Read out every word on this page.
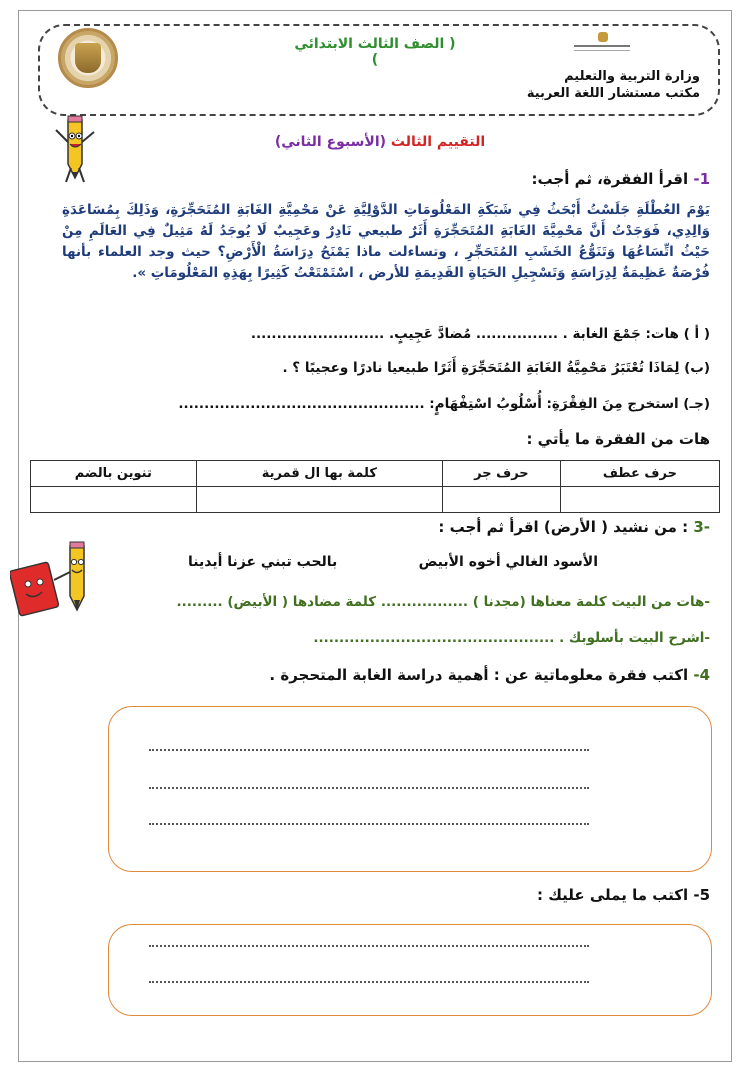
( الصف الثالث الابتدائي )
وزارة التربية والتعليم
مكتب مستشار اللغة العربية
التقييم الثالث (الأسبوع الثاني)
1- اقرأ الفقرة، ثم أجب:
يَوْمَ العُطْلَةِ جَلَسْتُ أَبْحَثُ فِي شَبَكَةِ المَعْلُومَاتِ الدَّوْلِيَّةِ عَنْ مَحْمِيَّةِ الغَابَةِ المُتَحَجِّرَةِ، وَذَلِكَ بِمُسَاعَدَةِ وَالِدِي، فَوَجَدْتُ أَنَّ مَحْمِيَّةَ الغَابَةِ المُتَحَجِّرَةِ أَثَرٌ طبيعي نَادِرٌ وعَجِيبٌ لَا يُوجَدُ لَهُ مَثِيلٌ فِي العَالَمِ مِنْ حَيْثُ اتِّسَاعُهَا وَتَنَوُّعُ الخَشَبِ المُتَحَجِّرِ ، وتساءلت ماذا يَمْنَحُ دِرَاسَةُ الْأَرْضِ؟ حيث وجد العلماء بأنها فُرْصَةٌ عَظِيمَةٌ لِدِرَاسَةِ وَتَسْجِيلِ الحَيَاةِ القَدِيمَةِ للأرض ، اسْتَمْتَعْتُ كَثِيرًا بِهَذِهِ المَعْلُومَاتِ ».
( أ ) هات: جَمْعَ الغابة . ................ مُضادَّ عَجِيبٍ. ..........................
(ب) لِمَاذَا تُعْتَبَرُ مَحْمِيَّةُ الغَابَةِ المُتَحَجِّرَةِ أَثَرًا طبيعيا نادرًا وعجيبًا ؟ .
(جـ) استخرج مِنَ الفِقْرَةِ: أُسْلُوبُ اسْتِفْهَامٍ: ................................................
هات من الفقرة ما يأتي :
حرف عطف	حرف جر	كلمة بها ال قمرية	تنوين بالضم

-3 : من نشيد ( الأرض) اقرأ ثم أجب :
الأسود الغالي أخوه الأبيض
بالحب تبني عزنا أيدينا
-هات من البيت كلمة معناها (مجدنا ) ................. كلمة مضادها ( الأبيض) .........
-اشرح البيت بأسلوبك . ...............................................
4- اكتب فقرة معلوماتية عن : أهمية دراسة الغابة المتحجرة .
5- اكتب ما يملى عليك :
